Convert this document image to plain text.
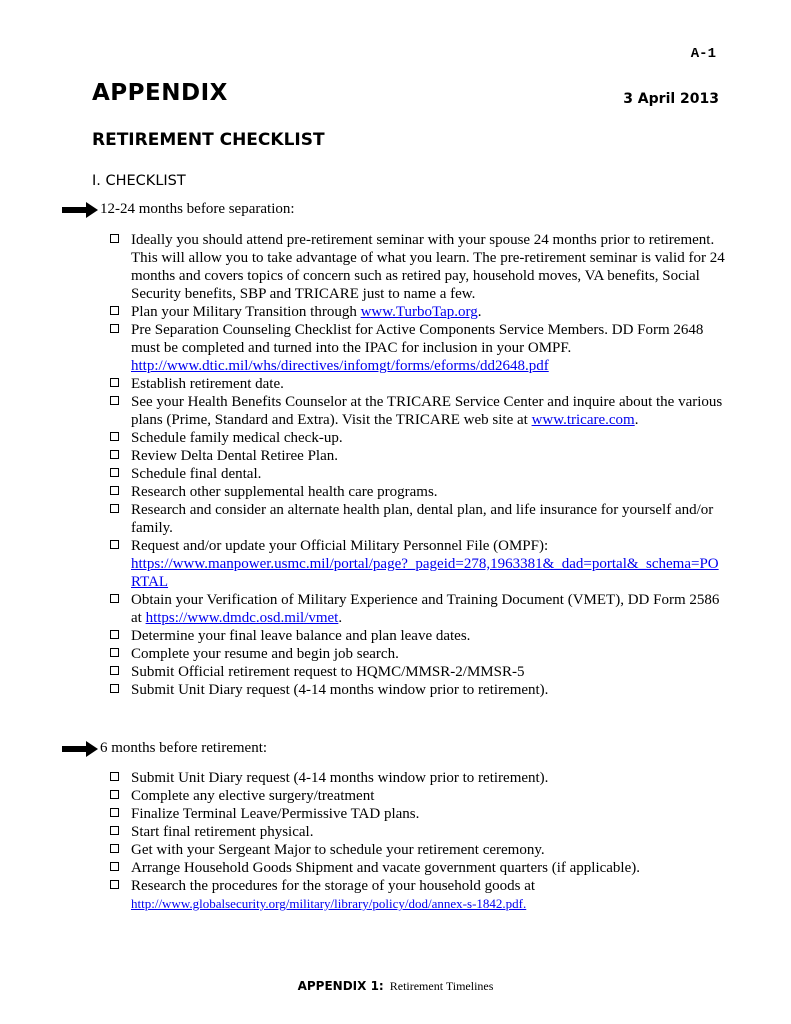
A-1
APPENDIX	3 April 2013
RETIREMENT CHECKLIST
I. CHECKLIST
12-24 months before separation:
Ideally you should attend pre-retirement seminar with your spouse 24 months prior to retirement. This will allow you to take advantage of what you learn. The pre-retirement seminar is valid for 24 months and covers topics of concern such as retired pay, household moves, VA benefits, Social Security benefits, SBP and TRICARE just to name a few.
Plan your Military Transition through www.TurboTap.org.
Pre Separation Counseling Checklist for Active Components Service Members. DD Form 2648 must be completed and turned into the IPAC for inclusion in your OMPF.
http://www.dtic.mil/whs/directives/infomgt/forms/eforms/dd2648.pdf
Establish retirement date.
See your Health Benefits Counselor at the TRICARE Service Center and inquire about the various plans (Prime, Standard and Extra). Visit the TRICARE web site at www.tricare.com.
Schedule family medical check-up.
Review Delta Dental Retiree Plan.
Schedule final dental.
Research other supplemental health care programs.
Research and consider an alternate health plan, dental plan, and life insurance for yourself and/or family.
Request and/or update your Official Military Personnel File (OMPF):
https://www.manpower.usmc.mil/portal/page?_pageid=278,1963381&_dad=portal&_schema=PORTAL
Obtain your Verification of Military Experience and Training Document (VMET), DD Form 2586 at https://www.dmdc.osd.mil/vmet.
Determine your final leave balance and plan leave dates.
Complete your resume and begin job search.
Submit Official retirement request to HQMC/MMSR-2/MMSR-5
Submit Unit Diary request (4-14 months window prior to retirement).
6 months before retirement:
Submit Unit Diary request (4-14 months window prior to retirement).
Complete any elective surgery/treatment
Finalize Terminal Leave/Permissive TAD plans.
Start final retirement physical.
Get with your Sergeant Major to schedule your retirement ceremony.
Arrange Household Goods Shipment and vacate government quarters (if applicable).
Research the procedures for the storage of your household goods at
http://www.globalsecurity.org/military/library/policy/dod/annex-s-1842.pdf.
APPENDIX 1: Retirement Timelines
